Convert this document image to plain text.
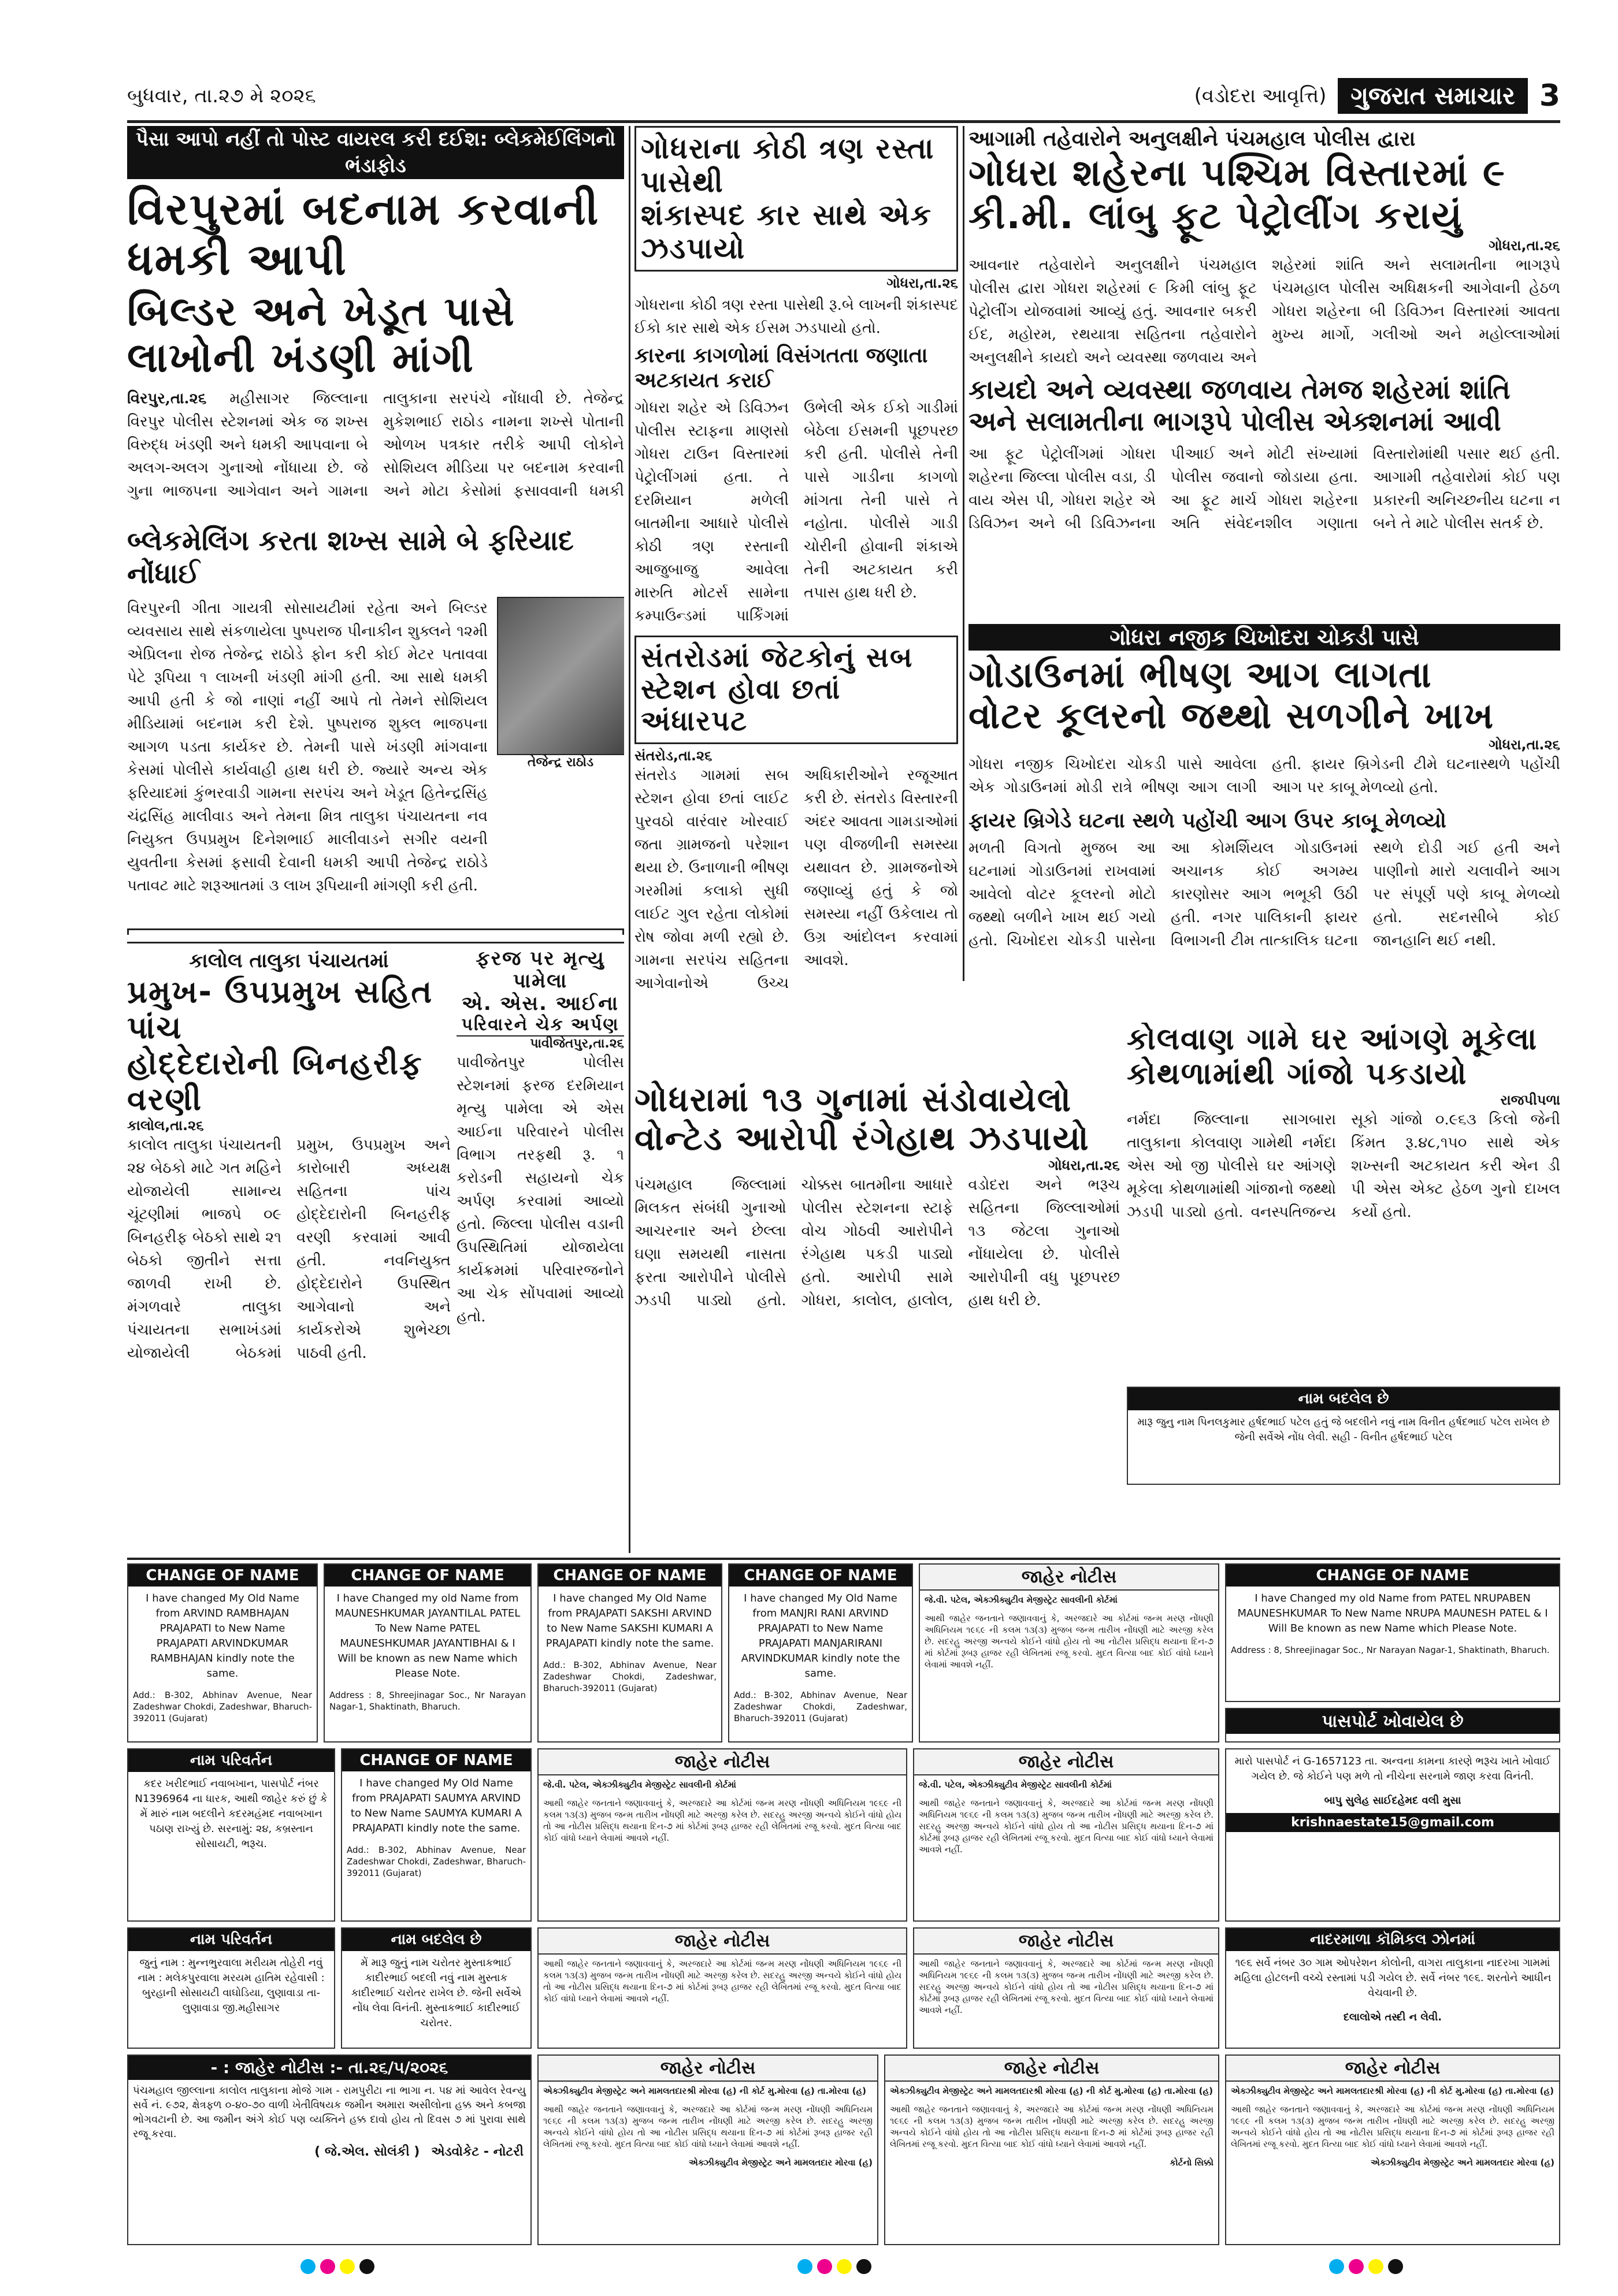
બુધવાર, તા.૨૭ મે ૨૦૨૬	(વડોદરા આવૃત્તિ)	ગુજરાત સમાચાર 3
પૈસા આપો નહીં તો પોસ્ટ વાયરલ કરી દઈશ: બ્લેકમેઈલિંગનો ભંડાફોડ
વિરપુરમાં બદનામ કરવાની ધમકી આપી
બિલ્ડર અને ખેડૂત પાસે લાખોની ખંડણી માંગી
વિરપુર,તા.૨૬ મહીસાગર જિલ્લાના વિરપુર પોલીસ સ્ટેશનમાં એક જ શખ્સ વિરુદ્ધ ખંડણી અને ધમકી આપવાના બે અલગ-અલગ ગુનાઓ નોંધાયા છે. જે ગુના ભાજપના આગેવાન અને ગામના તાલુકાના સરપંચે નોંધાવી છે. તેજેન્દ્ર મુકેશભાઈ રાઠોડ નામના શખ્સે પોતાની ઓળખ પત્રકાર તરીકે આપી લોકોને સોશિયલ મીડિયા પર બદનામ કરવાની અને મોટા કેસોમાં ફસાવવાની ધમકી
બ્લેકમેલિંગ કરતા શખ્સ સામે બે ફરિયાદ નોંધાઈ
વિરપુરની ગીતા ગાયત્રી સોસાયટીમાં રહેતા અને બિલ્ડર વ્યવસાય સાથે સંકળાયેલા પુષ્પરાજ પીનાકીન શુક્લને ૧૨મી એપ્રિલના રોજ તેજેન્દ્ર રાઠોડે ફોન કરી કોઈ મેટર પતાવવા પેટે રૂપિયા ૧ લાખની ખંડણી માંગી હતી. આ સાથે ધમકી આપી હતી કે જો નાણાં નહીં આપે તો તેમને સોશિયલ મીડિયામાં બદનામ કરી દેશે. પુષ્પરાજ શુક્લ ભાજપના આગળ પડતા કાર્યકર છે. તેમની પાસે ખંડણી માંગવાના કેસમાં પોલીસે કાર્યવાહી હાથ ધરી છે. જ્યારે અન્ય એક ફરિયાદમાં કુંભરવાડી ગામના સરપંચ અને ખેડૂત હિતેન્દ્રસિંહ ચંદ્રસિંહ માલીવાડ અને તેમના મિત્ર તાલુકા પંચાયતના નવ નિયુક્ત ઉપપ્રમુખ દિનેશભાઈ માલીવાડને સગીર વયની યુવતીના કેસમાં ફસાવી દેવાની ધમકી આપી તેજેન્દ્ર રાઠોડે પતાવટ માટે શરૂઆતમાં ૩ લાખ રૂપિયાની માંગણી કરી હતી.
તેજેન્દ્ર રાઠોડ
ગોધરાના કોઠી ત્રણ રસ્તા પાસેથી
શંકાસ્પદ કાર સાથે એક ઝડપાયો
ગોધરા,તા.૨૬
ગોધરાના કોઠી ત્રણ રસ્તા પાસેથી રૂ.બે લાખની શંકાસ્પદ ઈકો કાર સાથે એક ઈસમ ઝડપાયો હતો.
કારના કાગળોમાં વિસંગતતા જણાતા અટકાયત કરાઈ
ગોધરા શહેર એ ડિવિઝન પોલીસ સ્ટાફના માણસો ગોધરા ટાઉન વિસ્તારમાં પેટ્રોલીંગમાં હતા. તે દરમિયાન મળેલી બાતમીના આધારે પોલીસે કોઠી ત્રણ રસ્તાની આજુબાજુ આવેલા મારુતિ મોટર્સ સામેના કમ્પાઉન્ડમાં પાર્કિંગમાં ઉભેલી એક ઈકો ગાડીમાં બેઠેલા ઈસમની પૂછપરછ કરી હતી. પોલીસે તેની પાસે ગાડીના કાગળો માંગતા તેની પાસે તે નહોતા. પોલીસે ગાડી ચોરીની હોવાની શંકાએ તેની અટકાયત કરી તપાસ હાથ ધરી છે.
આગામી તહેવારોને અનુલક્ષીને પંચમહાલ પોલીસ દ્વારા
ગોધરા શહેરના પશ્ચિમ વિસ્તારમાં ૯
કી.મી. લાંબુ ફૂટ પેટ્રોલીંગ કરાયું
ગોધરા,તા.૨૬
આવનાર તહેવારોને અનુલક્ષીને પંચમહાલ પોલીસ દ્વારા ગોધરા શહેરમાં ૯ કિમી લાંબુ ફૂટ પેટ્રોલીંગ યોજવામાં આવ્યું હતું. આવનાર બકરી ઈદ, મહોરમ, રથયાત્રા સહિતના તહેવારોને અનુલક્ષીને કાયદો અને વ્યવસ્થા જળવાય અને શહેરમાં શાંતિ અને સલામતીના ભાગરૂપે પંચમહાલ પોલીસ અધિક્ષકની આગેવાની હેઠળ ગોધરા શહેરના બી ડિવિઝન વિસ્તારમાં આવતા મુખ્ય માર્ગો, ગલીઓ અને મહોલ્લાઓમાં
કાયદો અને વ્યવસ્થા જળવાય તેમજ શહેરમાં શાંતિ અને સલામતીના ભાગરૂપે પોલીસ એક્શનમાં આવી
આ ફૂટ પેટ્રોલીંગમાં ગોધરા શહેરના જિલ્લા પોલીસ વડા, ડી વાય એસ પી, ગોધરા શહેર એ ડિવિઝન અને બી ડિવિઝનના પીઆઈ અને મોટી સંખ્યામાં પોલીસ જવાનો જોડાયા હતા. આ ફૂટ માર્ચ ગોધરા શહેરના અતિ સંવેદનશીલ ગણાતા વિસ્તારોમાંથી પસાર થઈ હતી. આગામી તહેવારોમાં કોઈ પણ પ્રકારની અનિચ્છનીય ઘટના ન બને તે માટે પોલીસ સતર્ક છે.
સંતરોડમાં જેટકોનું સબ
સ્ટેશન હોવા છતાં અંધારપટ
સંતરોડ,તા.૨૬
સંતરોડ ગામમાં સબ સ્ટેશન હોવા છતાં લાઈટ પુરવઠો વારંવાર ખોરવાઈ જતા ગ્રામજનો પરેશાન થયા છે. ઉનાળાની ભીષણ ગરમીમાં કલાકો સુધી લાઈટ ગુલ રહેતા લોકોમાં રોષ જોવા મળી રહ્યો છે. ગામના સરપંચ સહિતના આગેવાનોએ ઉચ્ચ અધિકારીઓને રજૂઆત કરી છે. સંતરોડ વિસ્તારની અંદર આવતા ગામડાઓમાં પણ વીજળીની સમસ્યા યથાવત છે. ગ્રામજનોએ જણાવ્યું હતું કે જો સમસ્યા નહીં ઉકેલાય તો ઉગ્ર આંદોલન કરવામાં આવશે.
ગોધરા નજીક ચિખોદરા ચોકડી પાસે
ગોડાઉનમાં ભીષણ આગ લાગતા
વોટર કૂલરનો જથ્થો સળગીને ખાખ
ગોધરા,તા.૨૬
ગોધરા નજીક ચિખોદરા ચોકડી પાસે આવેલા એક ગોડાઉનમાં મોડી રાત્રે ભીષણ આગ લાગી હતી. ફાયર બ્રિગેડની ટીમે ઘટનાસ્થળે પહોંચી આગ પર કાબૂ મેળવ્યો હતો.
ફાયર બ્રિગેડે ઘટના સ્થળે પહોંચી આગ ઉપર કાબૂ મેળવ્યો
મળતી વિગતો મુજબ આ ઘટનામાં ગોડાઉનમાં રાખવામાં આવેલો વોટર કૂલરનો મોટો જથ્થો બળીને ખાખ થઈ ગયો હતો. ચિખોદરા ચોકડી પાસેના આ કોમર્શિયલ ગોડાઉનમાં અચાનક કોઈ અગમ્ય કારણોસર આગ ભભૂકી ઉઠી હતી. નગર પાલિકાની ફાયર વિભાગની ટીમ તાત્કાલિક ઘટના સ્થળે દોડી ગઈ હતી અને પાણીનો મારો ચલાવીને આગ પર સંપૂર્ણ પણે કાબૂ મેળવ્યો હતો. સદનસીબે કોઈ જાનહાનિ થઈ નથી.
કાલોલ તાલુકા પંચાયતમાં
પ્રમુખ- ઉપપ્રમુખ સહિત પાંચ
હોદ્દેદારોની બિનહરીફ વરણી
કાલોલ,તા.૨૬
કાલોલ તાલુકા પંચાયતની ૨૪ બેઠકો માટે ગત મહિને યોજાયેલી સામાન્ય ચૂંટણીમાં ભાજપે ૦૯ બિનહરીફ બેઠકો સાથે ૨૧ બેઠકો જીતીને સત્તા જાળવી રાખી છે. મંગળવારે તાલુકા પંચાયતના સભાખંડમાં યોજાયેલી બેઠકમાં પ્રમુખ, ઉપપ્રમુખ અને કારોબારી અધ્યક્ષ સહિતના પાંચ હોદ્દેદારોની બિનહરીફ વરણી કરવામાં આવી હતી. નવનિયુક્ત હોદ્દેદારોને ઉપસ્થિત આગેવાનો અને કાર્યકરોએ શુભેચ્છા પાઠવી હતી.
ફરજ પર મૃત્યુ પામેલા
એ. એસ. આઈના
પરિવારને ચેક અર્પણ
પાવીજેતપુર,તા.૨૬
પાવીજેતપુર પોલીસ સ્ટેશનમાં ફરજ દરમિયાન મૃત્યુ પામેલા એ એસ આઈના પરિવારને પોલીસ વિભાગ તરફથી રૂ. ૧ કરોડની સહાયનો ચેક અર્પણ કરવામાં આવ્યો હતો. જિલ્લા પોલીસ વડાની ઉપસ્થિતિમાં યોજાયેલા કાર્યક્રમમાં પરિવારજનોને આ ચેક સોંપવામાં આવ્યો હતો.
ગોધરામાં ૧૩ ગુનામાં સંડોવાયેલો
વોન્ટેડ આરોપી રંગેહાથ ઝડપાયો
ગોધરા,તા.૨૬
પંચમહાલ જિલ્લામાં મિલકત સંબંધી ગુનાઓ આચરનાર અને છેલ્લા ઘણા સમયથી નાસતા ફરતા આરોપીને પોલીસે ઝડપી પાડ્યો હતો. ચોક્કસ બાતમીના આધારે પોલીસ સ્ટેશનના સ્ટાફે વોચ ગોઠવી આરોપીને રંગેહાથ પકડી પાડ્યો હતો. આરોપી સામે ગોધરા, કાલોલ, હાલોલ, વડોદરા અને ભરૂચ સહિતના જિલ્લાઓમાં ૧૩ જેટલા ગુનાઓ નોંધાયેલા છે. પોલીસે આરોપીની વધુ પૂછપરછ હાથ ધરી છે.
કોલવાણ ગામે ઘર આંગણે મૂકેલા
કોથળામાંથી ગાંજો પકડાયો
રાજપીપળા
નર્મદા જિલ્લાના સાગબારા તાલુકાના કોલવાણ ગામેથી નર્મદા એસ ઓ જી પોલીસે ઘર આંગણે મૂકેલા કોથળામાંથી ગાંજાનો જથ્થો ઝડપી પાડ્યો હતો. વનસ્પતિજન્ય સૂકો ગાંજો ૦.૯૬૩ કિલો જેની કિંમત રૂ.૪૮,૧૫૦ સાથે એક શખ્સની અટકાયત કરી એન ડી પી એસ એક્ટ હેઠળ ગુનો દાખલ કર્યો હતો.
નામ બદલેલ છે
મારૂ જુનુ નામ પિનલકુમાર હર્ષદભાઈ પટેલ હતું જે બદલીને નવું નામ વિનીત હર્ષદભાઈ પટેલ રાખેલ છે જેની સર્વેએ નોંધ લેવી. સહી - વિનીત હર્ષદભાઈ પટેલ
CHANGE OF NAME
I have changed My Old Name from ARVIND RAMBHAJAN PRAJAPATI to New Name PRAJAPATI ARVINDKUMAR RAMBHAJAN kindly note the same.
Add.: B-302, Abhinav Avenue, Near Zadeshwar Chokdi, Zadeshwar, Bharuch-392011 (Gujarat)
CHANGE OF NAME
I have Changed my old Name from MAUNESHKUMAR JAYANTILAL PATEL To New Name PATEL MAUNESHKUMAR JAYANTIBHAI & I Will be known as new Name which Please Note.
Address : 8, Shreejinagar Soc., Nr Narayan Nagar-1, Shaktinath, Bharuch.
CHANGE OF NAME
I have changed My Old Name from PRAJAPATI SAKSHI ARVIND to New Name SAKSHI KUMARI A PRAJAPATI kindly note the same.
Add.: B-302, Abhinav Avenue, Near Zadeshwar Chokdi, Zadeshwar, Bharuch-392011 (Gujarat)
CHANGE OF NAME
I have changed My Old Name from MANJRI RANI ARVIND PRAJAPATI to New Name PRAJAPATI MANJARIRANI ARVINDKUMAR kindly note the same.
Add.: B-302, Abhinav Avenue, Near Zadeshwar Chokdi, Zadeshwar, Bharuch-392011 (Gujarat)
જાહેર નોટીસ
જે.વી. પટેલ, એક્ઝીક્યુટીવ મેજીસ્ટ્રેટ સાવલીની કોર્ટમાં
આથી જાહેર જનતાને જણાવવાનું કે, અરજદારે આ કોર્ટમાં જન્મ મરણ નોંધણી અધિનિયમ ૧૯૬૯ ની કલમ ૧૩(૩) મુજબ જન્મ તારીખ નોંધણી માટે અરજી કરેલ છે. સદરહુ અરજી અન્વયે કોઈને વાંધો હોય તો આ નોટીસ પ્રસિદ્ધ થયાના દિન-૭ માં કોર્ટમાં રૂબરૂ હાજર રહી લેખિતમાં રજૂ કરવો. મુદત વિત્યા બાદ કોઈ વાંધો ધ્યાને લેવામાં આવશે નહીં.
CHANGE OF NAME
I have Changed my old Name from PATEL NRUPABEN MAUNESHKUMAR To New Name NRUPA MAUNESH PATEL & I Will Be known as new Name which Please Note.
Address : 8, Shreejinagar Soc., Nr Narayan Nagar-1, Shaktinath, Bharuch.
પાસપોર્ટ ખોવાયેલ છે
નામ પરિવર્તન
કદર ખરીદભાઈ નવાબખાન, પાસપોર્ટ નંબર N1396964 ના ધારક, આથી જાહેર કરું છું કે મેં મારું નામ બદલીને કદરમહંમદ નવાબખાન પઠાણ રાખ્યું છે. સરનામું: ૨૪, કબ્રસ્તાન સોસાયટી, ભરૂચ.
CHANGE OF NAME
I have changed My Old Name from PRAJAPATI SAUMYA ARVIND to New Name SAUMYA KUMARI A PRAJAPATI kindly note the same.
Add.: B-302, Abhinav Avenue, Near Zadeshwar Chokdi, Zadeshwar, Bharuch-392011 (Gujarat)
જાહેર નોટીસ
જે.વી. પટેલ, એક્ઝીક્યુટીવ મેજીસ્ટ્રેટ સાવલીની કોર્ટમાં
આથી જાહેર જનતાને જણાવવાનું કે, અરજદારે આ કોર્ટમાં જન્મ મરણ નોંધણી અધિનિયમ ૧૯૬૯ ની કલમ ૧૩(૩) મુજબ જન્મ તારીખ નોંધણી માટે અરજી કરેલ છે. સદરહુ અરજી અન્વયે કોઈને વાંધો હોય તો આ નોટીસ પ્રસિદ્ધ થયાના દિન-૭ માં કોર્ટમાં રૂબરૂ હાજર રહી લેખિતમાં રજૂ કરવો. મુદત વિત્યા બાદ કોઈ વાંધો ધ્યાને લેવામાં આવશે નહીં.
જાહેર નોટીસ
જે.વી. પટેલ, એક્ઝીક્યુટીવ મેજીસ્ટ્રેટ સાવલીની કોર્ટમાં
આથી જાહેર જનતાને જણાવવાનું કે, અરજદારે આ કોર્ટમાં જન્મ મરણ નોંધણી અધિનિયમ ૧૯૬૯ ની કલમ ૧૩(૩) મુજબ જન્મ તારીખ નોંધણી માટે અરજી કરેલ છે. સદરહુ અરજી અન્વયે કોઈને વાંધો હોય તો આ નોટીસ પ્રસિદ્ધ થયાના દિન-૭ માં કોર્ટમાં રૂબરૂ હાજર રહી લેખિતમાં રજૂ કરવો. મુદત વિત્યા બાદ કોઈ વાંધો ધ્યાને લેવામાં આવશે નહીં.
મારો પાસપોર્ટ નં G-1657123 તા. અન્વના કામના કારણે ભરૂચ ખાતે ખોવાઈ ગયેલ છે. જે કોઈને પણ મળે તો નીચેના સરનામે જાણ કરવા વિનંતી.
બાપુ સુલેહ સાઈદહેમદ વલી મુસા
krishnaestate15@gmail.com
નામ પરિવર્તન
જુનું નામ : મુન્નભુરવાલા મરીયમ તોહેરી નવું નામ : મલેકપુરવાલા મરયમ હાતિમ રહેવાસી : બુરહાની સોસાયટી વાઘોડિયા, લુણાવાડા તા-લુણાવાડા જી.મહીસાગર
નામ બદલેલ છે
મેં મારૂ જુનું નામ ચરોતર મુસ્તાકભાઈ કાદીરભાઈ બદલી નવું નામ મુસ્તાક કાદીરભાઈ ચરોતર રાખેલ છે. જેની સર્વેએ નોંધ લેવા વિનંતી. મુસ્તાકભાઈ કાદીરભાઈ ચરોતર.
જાહેર નોટીસ
આથી જાહેર જનતાને જણાવવાનું કે, અરજદારે આ કોર્ટમાં જન્મ મરણ નોંધણી અધિનિયમ ૧૯૬૯ ની કલમ ૧૩(૩) મુજબ જન્મ તારીખ નોંધણી માટે અરજી કરેલ છે. સદરહુ અરજી અન્વયે કોઈને વાંધો હોય તો આ નોટીસ પ્રસિદ્ધ થયાના દિન-૭ માં કોર્ટમાં રૂબરૂ હાજર રહી લેખિતમાં રજૂ કરવો. મુદત વિત્યા બાદ કોઈ વાંધો ધ્યાને લેવામાં આવશે નહીં.
જાહેર નોટીસ
આથી જાહેર જનતાને જણાવવાનું કે, અરજદારે આ કોર્ટમાં જન્મ મરણ નોંધણી અધિનિયમ ૧૯૬૯ ની કલમ ૧૩(૩) મુજબ જન્મ તારીખ નોંધણી માટે અરજી કરેલ છે. સદરહુ અરજી અન્વયે કોઈને વાંધો હોય તો આ નોટીસ પ્રસિદ્ધ થયાના દિન-૭ માં કોર્ટમાં રૂબરૂ હાજર રહી લેખિતમાં રજૂ કરવો. મુદત વિત્યા બાદ કોઈ વાંધો ધ્યાને લેવામાં આવશે નહીં.
નાદરમાળા કૉમિકલ ઝોનમાં
૧૯૬ સર્વે નંબર ૩૦ ગામ ઓપરેશન કોલોની, વાગરા તાલુકાના નાદરખા ગામમાં મહિલા હોટલની વચ્ચે રસ્તામાં પડી ગયેલ છે. સર્વે નંબર ૧૯૬. શરતોને આધીન વેચવાની છે.
દલાલોએ તસ્દી ન લેવી.
- : જાહેર નોટીસ :- તા.૨૬/૫/૨૦૨૬
પંચમહાલ જીલ્લાના કાલોલ તાલુકાના મોજે ગામ - રામપુરીટા ના ભાગા ન. ૫૪ માં આવેલ રેવન્યુ સર્વે નં. ૯૭૨, ક્ષેત્રફળ ૦-૪૦-૭૦ વાળી ખેતીવિષયક જમીન અમારા અસીલોના હક્ક અને કબજા ભોગવટાની છે. આ જમીન અંગે કોઈ પણ વ્યક્તિને હક્ક દાવો હોય તો દિવસ ૭ માં પુરાવા સાથે રજૂ કરવા.
( જે.એલ. સોલંકી ) એડવોકેટ - નોટરી
જાહેર નોટીસ
એક્ઝીક્યુટીવ મેજીસ્ટ્રેટ અને મામલતદારશ્રી મોરવા (હ) ની કોર્ટ મુ.મોરવા (હ) તા.મોરવા (હ)
આથી જાહેર જનતાને જણાવવાનું કે, અરજદારે આ કોર્ટમાં જન્મ મરણ નોંધણી અધિનિયમ ૧૯૬૯ ની કલમ ૧૩(૩) મુજબ જન્મ તારીખ નોંધણી માટે અરજી કરેલ છે. સદરહુ અરજી અન્વયે કોઈને વાંધો હોય તો આ નોટીસ પ્રસિદ્ધ થયાના દિન-૭ માં કોર્ટમાં રૂબરૂ હાજર રહી લેખિતમાં રજૂ કરવો. મુદત વિત્યા બાદ કોઈ વાંધો ધ્યાને લેવામાં આવશે નહીં.
એક્ઝીક્યુટીવ મેજીસ્ટ્રેટ અને મામલતદાર મોરવા (હ)
જાહેર નોટીસ
એક્ઝીક્યુટીવ મેજીસ્ટ્રેટ અને મામલતદારશ્રી મોરવા (હ) ની કોર્ટ મુ.મોરવા (હ) તા.મોરવા (હ)
આથી જાહેર જનતાને જણાવવાનું કે, અરજદારે આ કોર્ટમાં જન્મ મરણ નોંધણી અધિનિયમ ૧૯૬૯ ની કલમ ૧૩(૩) મુજબ જન્મ તારીખ નોંધણી માટે અરજી કરેલ છે. સદરહુ અરજી અન્વયે કોઈને વાંધો હોય તો આ નોટીસ પ્રસિદ્ધ થયાના દિન-૭ માં કોર્ટમાં રૂબરૂ હાજર રહી લેખિતમાં રજૂ કરવો. મુદત વિત્યા બાદ કોઈ વાંધો ધ્યાને લેવામાં આવશે નહીં.
કોર્ટનો સિક્કો
જાહેર નોટીસ
એક્ઝીક્યુટીવ મેજીસ્ટ્રેટ અને મામલતદારશ્રી મોરવા (હ) ની કોર્ટ મુ.મોરવા (હ) તા.મોરવા (હ)
આથી જાહેર જનતાને જણાવવાનું કે, અરજદારે આ કોર્ટમાં જન્મ મરણ નોંધણી અધિનિયમ ૧૯૬૯ ની કલમ ૧૩(૩) મુજબ જન્મ તારીખ નોંધણી માટે અરજી કરેલ છે. સદરહુ અરજી અન્વયે કોઈને વાંધો હોય તો આ નોટીસ પ્રસિદ્ધ થયાના દિન-૭ માં કોર્ટમાં રૂબરૂ હાજર રહી લેખિતમાં રજૂ કરવો. મુદત વિત્યા બાદ કોઈ વાંધો ધ્યાને લેવામાં આવશે નહીં.
એક્ઝીક્યુટીવ મેજીસ્ટ્રેટ અને મામલતદાર મોરવા (હ)
